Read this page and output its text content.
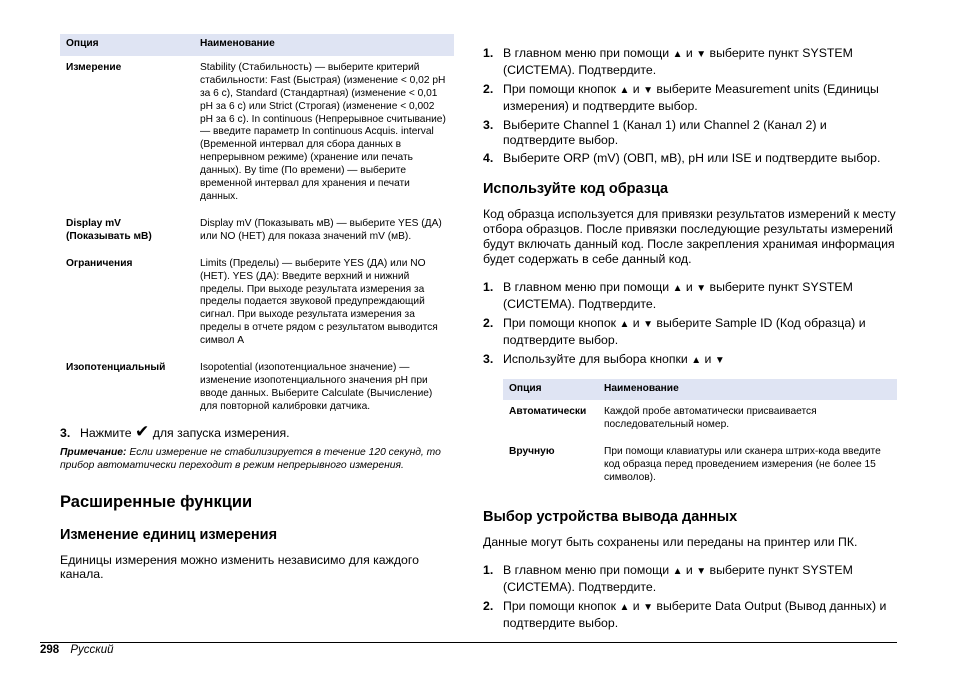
Опция	Наименование
Измерение	Stability (Стабильность) — выберите критерий стабильности: Fast (Быстрая) (изменение < 0,02 pH за 6 с), Standard (Стандартная) (изменение < 0,01 pH за 6 с) или Strict (Строгая) (изменение < 0,002 pH за 6 с). In continuous (Непрерывное считывание) — введите параметр In continuous Acquis. interval (Временной интервал для сбора данных в непрерывном режиме) (хранение или печать данных). By time (По времени) — выберите временной интервал для хранения и печати данных.
Display mV (Показывать мВ)	Display mV (Показывать мВ) — выберите YES (ДА) или NO (НЕТ) для показа значений mV (мВ).
Ограничения	Limits (Пределы) — выберите YES (ДА) или NO (НЕТ). YES (ДА): Введите верхний и нижний пределы. При выходе результата измерения за пределы подается звуковой предупреждающий сигнал. При выходе результата измерения за пределы в отчете рядом с результатом выводится символ A
Изопотенциальный	Isopotential (изопотенциальное значение) — изменение изопотенциального значения pH при вводе данных. Выберите Calculate (Вычисление) для повторной калибровки датчика.
3. Нажмите ✔ для запуска измерения.
Примечание: Если измерение не стабилизируется в течение 120 секунд, то прибор автоматически переходит в режим непрерывного измерения.
Расширенные функции
Изменение единиц измерения

Единицы измерения можно изменить независимо для каждого канала.

1. В главном меню при помощи ▲ и ▼ выберите пункт SYSTEM (СИСТЕМА). Подтвердите.
2. При помощи кнопок ▲ и ▼ выберите Measurement units (Единицы измерения) и подтвердите выбор.
3. Выберите Channel 1 (Канал 1) или Channel 2 (Канал 2) и подтвердите выбор.
4. Выберите ORP (mV) (ОВП, мВ), pH или ISE и подтвердите выбор.
Используйте код образца

Код образца используется для привязки результатов измерений к месту отбора образцов. После привязки последующие результаты измерений будут включать данный код. После закрепления хранимая информация будет содержать в себе данный код.

1. В главном меню при помощи ▲ и ▼ выберите пункт SYSTEM (СИСТЕМА). Подтвердите.
2. При помощи кнопок ▲ и ▼ выберите Sample ID (Код образца) и подтвердите выбор.
3. Используйте для выбора кнопки ▲ и ▼
Опция	Наименование
Автоматически	Каждой пробе автоматически присваивается последовательный номер.
Вручную	При помощи клавиатуры или сканера штрих-кода введите код образца перед проведением измерения (не более 15 символов).
Выбор устройства вывода данных

Данные могут быть сохранены или переданы на принтер или ПК.

1. В главном меню при помощи ▲ и ▼ выберите пункт SYSTEM (СИСТЕМА). Подтвердите.
2. При помощи кнопок ▲ и ▼ выберите Data Output (Вывод данных) и подтвердите выбор.
298 Русский
